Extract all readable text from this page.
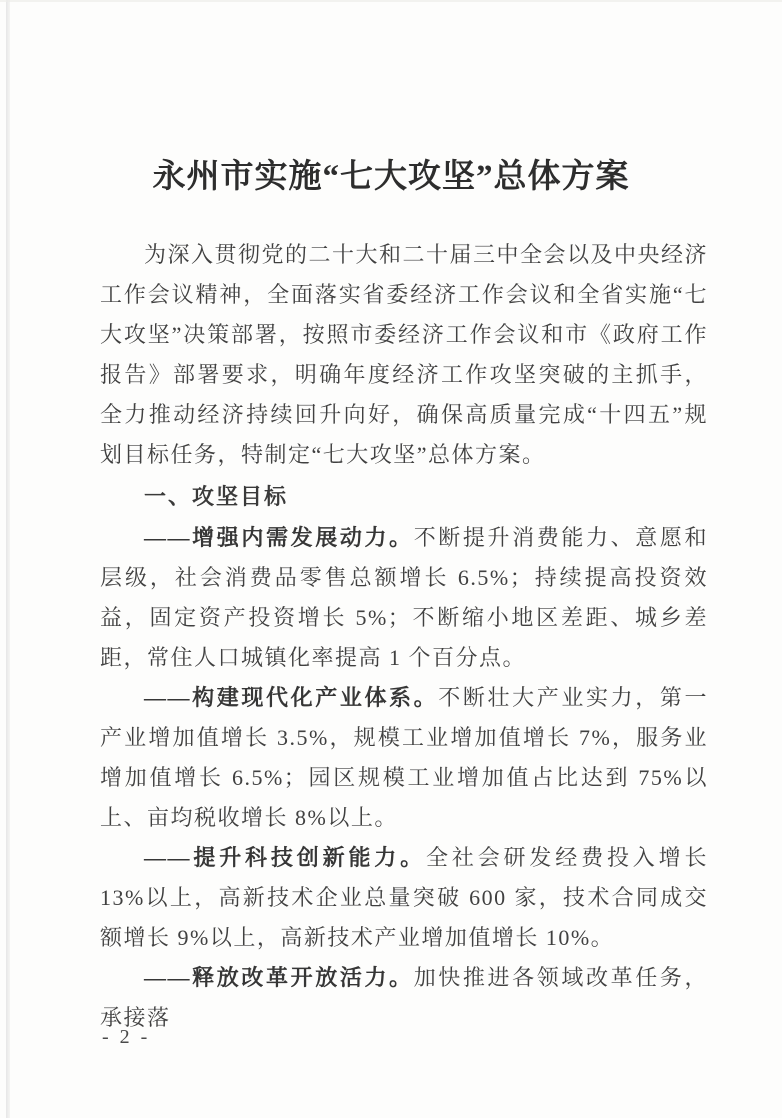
永州市实施“七大攻坚”总体方案

为深入贯彻党的二十大和二十届三中全会以及中央经济工作会议精神，全面落实省委经济工作会议和全省实施“七大攻坚”决策部署，按照市委经济工作会议和市《政府工作报告》部署要求，明确年度经济工作攻坚突破的主抓手，全力推动经济持续回升向好，确保高质量完成“十四五”规划目标任务，特制定“七大攻坚”总体方案。

一、攻坚目标

——增强内需发展动力。不断提升消费能力、意愿和层级，社会消费品零售总额增长 6.5%；持续提高投资效益，固定资产投资增长 5%；不断缩小地区差距、城乡差距，常住人口城镇化率提高 1 个百分点。

——构建现代化产业体系。不断壮大产业实力，第一产业增加值增长 3.5%，规模工业增加值增长 7%，服务业增加值增长 6.5%；园区规模工业增加值占比达到 75%以上、亩均税收增长 8%以上。

——提升科技创新能力。全社会研发经费投入增长 13%以上，高新技术企业总量突破 600 家，技术合同成交额增长 9%以上，高新技术产业增加值增长 10%。

——释放改革开放活力。加快推进各领域改革任务，承接落

- 2 -
